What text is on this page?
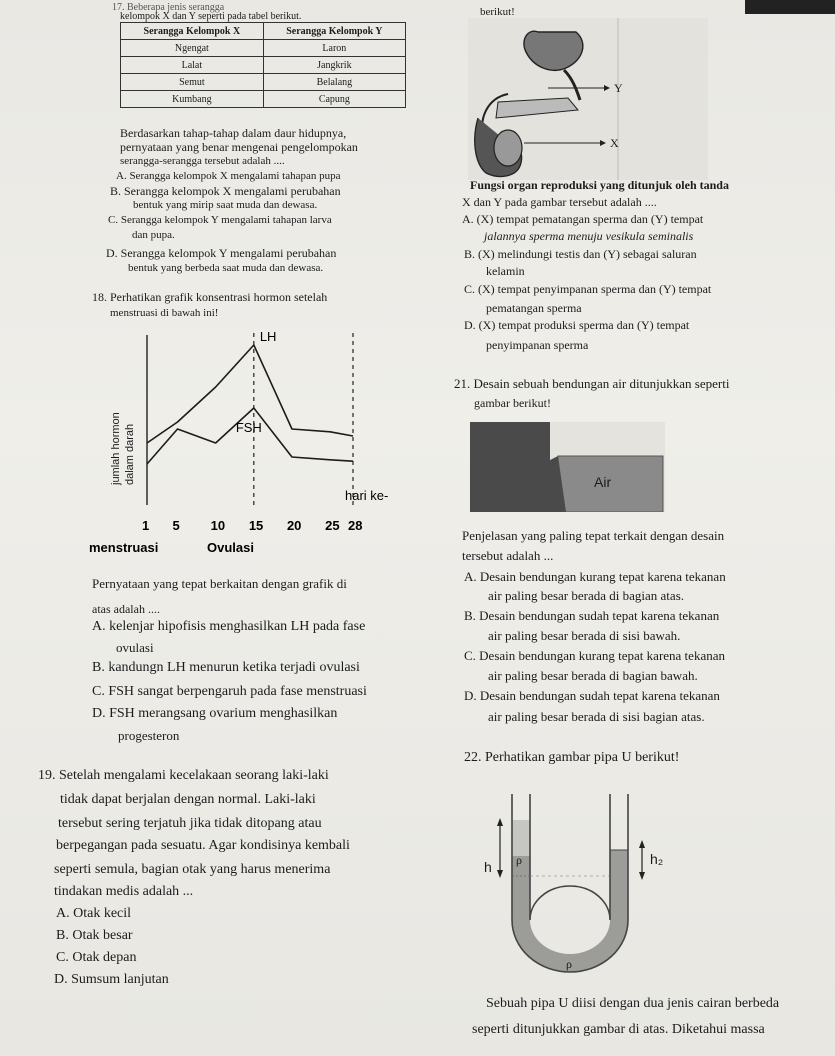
17. Beberapa jenis serangga
kelompok X dan Y seperti pada tabel berikut.
Serangga Kelompok X	Serangga Kelompok Y
Ngengat	Laron
Lalat	Jangkrik
Semut	Belalang
Kumbang	Capung
Berdasarkan tahap-tahap dalam daur hidupnya,
pernyataan yang benar mengenai pengelompokan
serangga-serangga tersebut adalah ....
A. Serangga kelompok X mengalami tahapan pupa
B. Serangga kelompok X mengalami perubahan
bentuk yang mirip saat muda dan dewasa.
C. Serangga kelompok Y mengalami tahapan larva
dan pupa.
D. Serangga kelompok Y mengalami perubahan
bentuk yang berbeda saat muda dan dewasa.
18. Perhatikan grafik konsentrasi hormon setelah
menstruasi di bawah ini!
jumlah hormon dalam darah
LH
FSH
1 5 10 15 20 25 28
hari ke-
menstruasi	Ovulasi
Pernyataan yang tepat berkaitan dengan grafik di
atas adalah ....
A. kelenjar hipofisis menghasilkan LH pada fase
ovulasi
B. kandungn LH menurun ketika terjadi ovulasi
C. FSH sangat berpengaruh pada fase menstruasi
D. FSH merangsang ovarium menghasilkan
progesteron
19. Setelah mengalami kecelakaan seorang laki-laki
tidak dapat berjalan dengan normal. Laki-laki
tersebut sering terjatuh jika tidak ditopang atau
berpegangan pada sesuatu. Agar kondisinya kembali
seperti semula, bagian otak yang harus menerima
tindakan medis adalah ...
A. Otak kecil
B. Otak besar
C. Otak depan
D. Sumsum lanjutan
berikut!
Y
X
Fungsi organ reproduksi yang ditunjuk oleh tanda
X dan Y pada gambar tersebut adalah ....
A. (X) tempat pematangan sperma dan (Y) tempat
jalannya sperma menuju vesikula seminalis
B. (X) melindungi testis dan (Y) sebagai saluran
kelamin
C. (X) tempat penyimpanan sperma dan (Y) tempat
pematangan sperma
D. (X) tempat produksi sperma dan (Y) tempat
penyimpanan sperma
21. Desain sebuah bendungan air ditunjukkan seperti
gambar berikut!
Air
Penjelasan yang paling tepat terkait dengan desain
tersebut adalah ...
A. Desain bendungan kurang tepat karena tekanan
air paling besar berada di bagian atas.
B. Desain bendungan sudah tepat karena tekanan
air paling besar berada di sisi bawah.
C. Desain bendungan kurang tepat karena tekanan
air paling besar berada di bagian bawah.
D. Desain bendungan sudah tepat karena tekanan
air paling besar berada di sisi bagian atas.
22. Perhatikan gambar pipa U berikut!
h ρ	h₂
ρ
Sebuah pipa U diisi dengan dua jenis cairan berbeda
seperti ditunjukkan gambar di atas. Diketahui massa
